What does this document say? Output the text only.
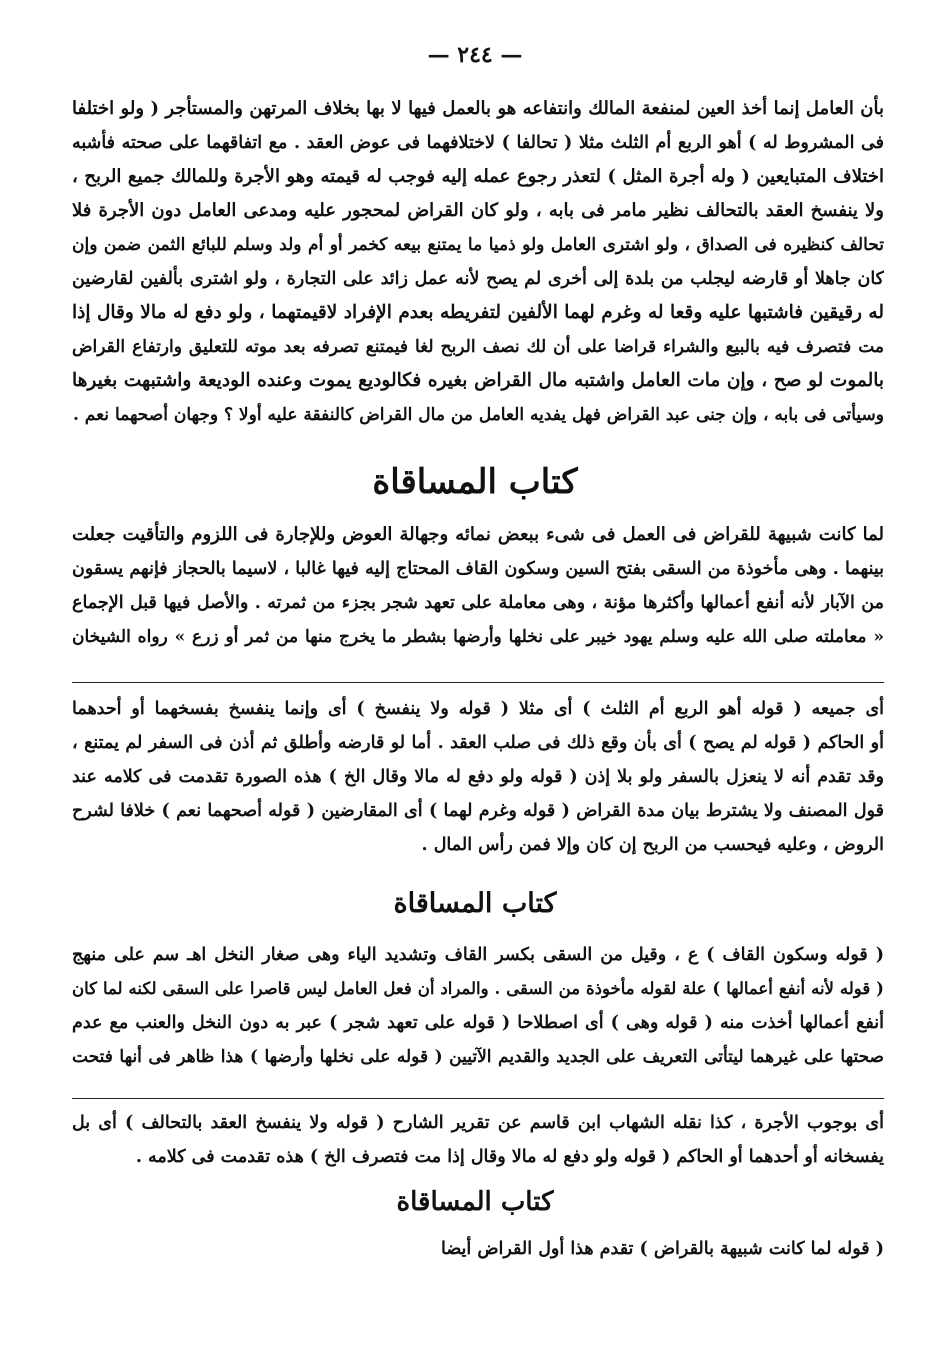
— ٢٤٤ —
بأن العامل إنما أخذ العين لمنفعة المالك وانتفاعه هو بالعمل فيها لا بها بخلاف المرتهن والمستأجر ( ولو اختلفا
فى المشروط له ) أهو الربع أم الثلث مثلا ( تحالفا ) لاختلافهما فى عوض العقد . مع اتفاقهما على صحته فأشبه
اختلاف المتبايعين ( وله أجرة المثل ) لتعذر رجوع عمله إليه فوجب له قيمته وهو الأجرة وللمالك جميع الربح ،
ولا ينفسخ العقد بالتحالف نظير مامر فى بابه ، ولو كان القراض لمحجور عليه ومدعى العامل دون الأجرة فلا
تحالف كنظيره فى الصداق ، ولو اشترى العامل ولو ذميا ما يمتنع بيعه كخمر أو أم ولد وسلم للبائع الثمن ضمن وإن
كان جاهلا أو قارضه ليجلب من بلدة إلى أخرى لم يصح لأنه عمل زائد على التجارة ، ولو اشترى بألفين لقارضين
له رقيقين فاشتبها عليه وقعا له وغرم لهما الألفين لتفريطه بعدم الإفراد لاقيمتهما ، ولو دفع له مالا وقال إذا
مت فتصرف فيه بالبيع والشراء قراضا على أن لك نصف الربح لغا فيمتنع تصرفه بعد موته للتعليق وارتفاع القراض
بالموت لو صح ، وإن مات العامل واشتبه مال القراض بغيره فكالوديع يموت وعنده الوديعة واشتبهت بغيرها
وسيأتى فى بابه ، وإن جنى عبد القراض فهل يفديه العامل من مال القراض كالنفقة عليه أولا ؟ وجهان أصحهما نعم .
كتاب المساقاة
لما كانت شبيهة للقراض فى العمل فى شىء ببعض نمائه وجهالة العوض وللإجارة فى اللزوم والتأقيت جعلت
بينهما . وهى مأخوذة من السقى بفتح السين وسكون القاف المحتاج إليه فيها غالبا ، لاسيما بالحجاز فإنهم يسقون
من الآبار لأنه أنفع أعمالها وأكثرها مؤنة ، وهى معاملة على تعهد شجر بجزء من ثمرته . والأصل فيها قبل الإجماع
« معاملته صلى الله عليه وسلم يهود خيبر على نخلها وأرضها بشطر ما يخرج منها من ثمر أو زرع » رواه الشيخان
أى جميعه ( قوله أهو الربع أم الثلث ) أى مثلا ( قوله ولا ينفسخ ) أى وإنما ينفسخ بفسخهما أو أحدهما
أو الحاكم ( قوله لم يصح ) أى بأن وقع ذلك فى صلب العقد . أما لو قارضه وأطلق ثم أذن فى السفر لم يمتنع ،
وقد تقدم أنه لا ينعزل بالسفر ولو بلا إذن ( قوله ولو دفع له مالا وقال الخ ) هذه الصورة تقدمت فى كلامه عند
قول المصنف ولا يشترط بيان مدة القراض ( قوله وغرم لهما ) أى المقارضين ( قوله أصحهما نعم ) خلافا لشرح
الروض ، وعليه فيحسب من الربح إن كان وإلا فمن رأس المال .
كتاب المساقاة
( قوله وسكون القاف ) ع ، وقيل من السقى بكسر القاف وتشديد الياء وهى صغار النخل اهـ سم على منهج
( قوله لأنه أنفع أعمالها ) علة لقوله مأخوذة من السقى . والمراد أن فعل العامل ليس قاصرا على السقى لكنه لما كان
أنفع أعمالها أخذت منه ( قوله وهى ) أى اصطلاحا ( قوله على تعهد شجر ) عبر به دون النخل والعنب مع عدم
صحتها على غيرهما ليتأتى التعريف على الجديد والقديم الآتيين ( قوله على نخلها وأرضها ) هذا ظاهر فى أنها فتحت
أى بوجوب الأجرة ، كذا نقله الشهاب ابن قاسم عن تقرير الشارح ( قوله ولا ينفسخ العقد بالتحالف ) أى بل
يفسخانه أو أحدهما أو الحاكم ( قوله ولو دفع له مالا وقال إذا مت فتصرف الخ ) هذه تقدمت فى كلامه .
كتاب المساقاة
( قوله لما كانت شبيهة بالقراض ) تقدم هذا أول القراض أيضا
